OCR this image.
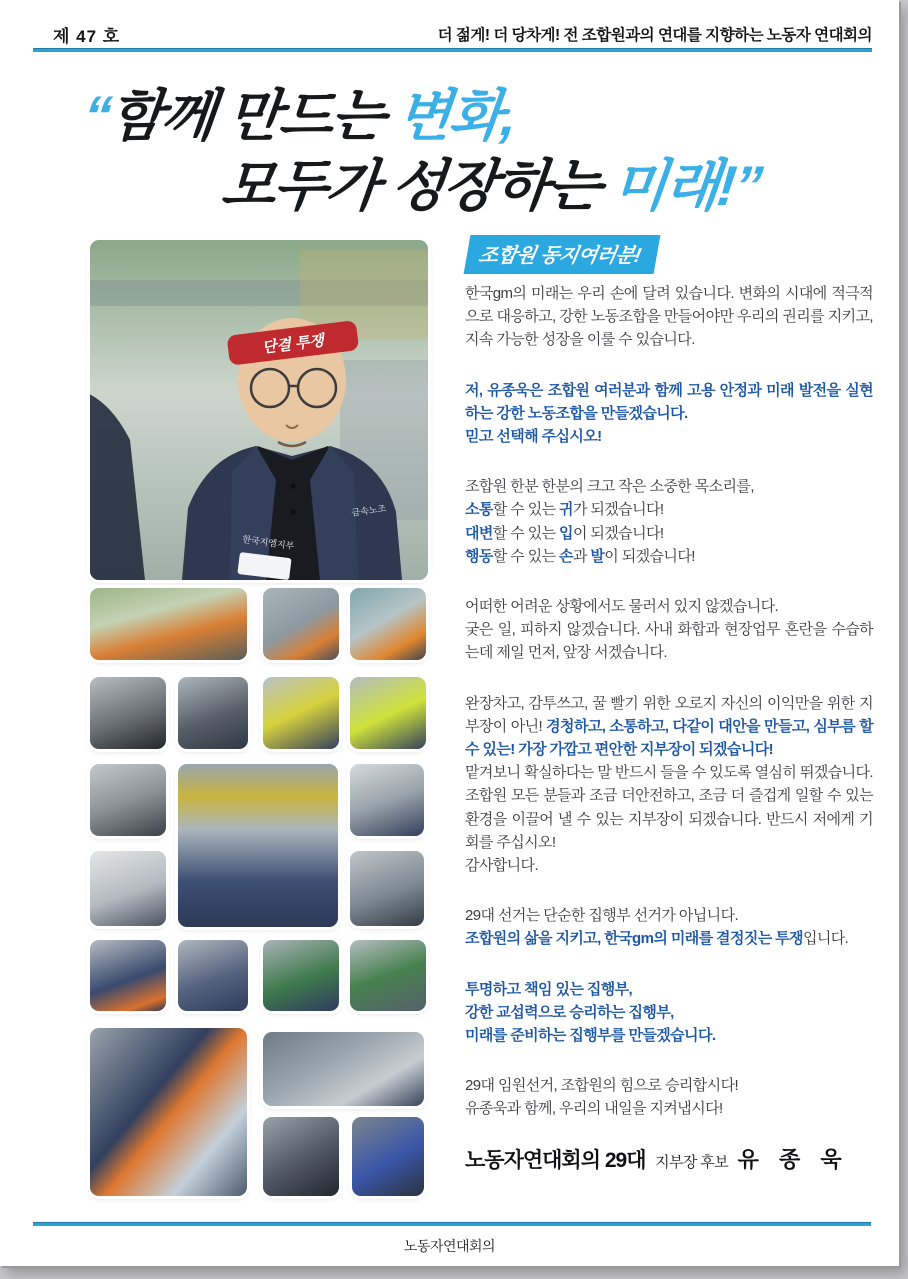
제 47 호	더 젊게! 더 당차게! 전 조합원과의 연대를 지향하는 노동자 연대회의
“함께 만드는 변화,
모두가 성장하는 미래!”
단결 투쟁
한국지엠지부
금속노조
조합원 동지여러분!

한국gm의 미래는 우리 손에 달려 있습니다. 변화의 시대에 적극적으로 대응하고, 강한 노동조합을 만들어야만 우리의 권리를 지키고, 지속 가능한 성장을 이룰 수 있습니다.

저, 유종욱은 조합원 여러분과 함께 고용 안정과 미래 발전을 실현하는 강한 노동조합을 만들겠습니다.
믿고 선택해 주십시오!

조합원 한분 한분의 크고 작은 소중한 목소리를,
소통할 수 있는 귀가 되겠습니다!
대변할 수 있는 입이 되겠습니다!
행동할 수 있는 손과 발이 되겠습니다!

어떠한 어려운 상황에서도 물러서 있지 않겠습니다.
궂은 일, 피하지 않겠습니다. 사내 화합과 현장업무 혼란을 수습하는데 제일 먼저, 앞장 서겠습니다.

완장차고, 감투쓰고, 꿀 빨기 위한 오로지 자신의 이익만을 위한 지부장이 아닌! 경청하고, 소통하고, 다같이 대안을 만들고, 심부름 할 수 있는! 가장 가깝고 편안한 지부장이 되겠습니다!
맡겨보니 확실하다는 말 반드시 들을 수 있도록 열심히 뛰겠습니다. 조합원 모든 분들과 조금 더안전하고, 조금 더 즐겁게 일할 수 있는 환경을 이끌어 낼 수 있는 지부장이 되겠습니다. 반드시 저에게 기회를 주십시오!
감사합니다.

29대 선거는 단순한 집행부 선거가 아닙니다.
조합원의 삶을 지키고, 한국gm의 미래를 결정짓는 투쟁입니다.

투명하고 책임 있는 집행부,
강한 교섭력으로 승리하는 집행부,
미래를 준비하는 집행부를 만들겠습니다.

29대 임원선거, 조합원의 힘으로 승리합시다!
유종욱과 함께, 우리의 내일을 지켜냅시다!

노동자연대회의 29대 지부장 후보 유 종 욱
노동자연대회의
